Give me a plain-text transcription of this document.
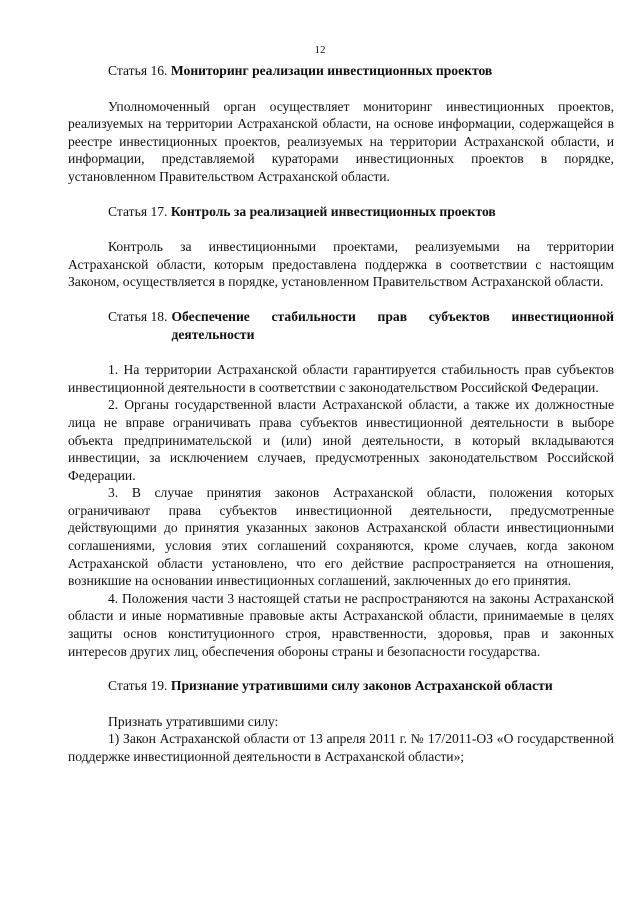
12

Статья 16. Мониторинг реализации инвестиционных проектов

Уполномоченный орган осуществляет мониторинг инвестиционных проектов, реализуемых на территории Астраханской области, на основе информации, содержащейся в реестре инвестиционных проектов, реализуемых на территории Астраханской области, и информации, представляемой кураторами инвестиционных проектов в порядке, установленном Правительством Астраханской области.

Статья 17. Контроль за реализацией инвестиционных проектов

Контроль за инвестиционными проектами, реализуемыми на территории Астраханской области, которым предоставлена поддержка в соответствии с настоящим Законом, осуществляется в порядке, установленном Правительством Астраханской области.

Статья 18. Обеспечение стабильности прав субъектов инвестиционной деятельности

1. На территории Астраханской области гарантируется стабильность прав субъектов инвестиционной деятельности в соответствии с законодательством Российской Федерации.

2. Органы государственной власти Астраханской области, а также их должностные лица не вправе ограничивать права субъектов инвестиционной деятельности в выборе объекта предпринимательской и (или) иной деятельности, в который вкладываются инвестиции, за исключением случаев, предусмотренных законодательством Российской Федерации.

3. В случае принятия законов Астраханской области, положения которых ограничивают права субъектов инвестиционной деятельности, предусмотренные действующими до принятия указанных законов Астраханской области инвестиционными соглашениями, условия этих соглашений сохраняются, кроме случаев, когда законом Астраханской области установлено, что его действие распространяется на отношения, возникшие на основании инвестиционных соглашений, заключенных до его принятия.

4. Положения части 3 настоящей статьи не распространяются на законы Астраханской области и иные нормативные правовые акты Астраханской области, принимаемые в целях защиты основ конституционного строя, нравственности, здоровья, прав и законных интересов других лиц, обеспечения обороны страны и безопасности государства.

Статья 19. Признание утратившими силу законов Астраханской области

Признать утратившими силу:

1) Закон Астраханской области от 13 апреля 2011 г. № 17/2011-ОЗ «О государственной поддержке инвестиционной деятельности в Астраханской области»;
